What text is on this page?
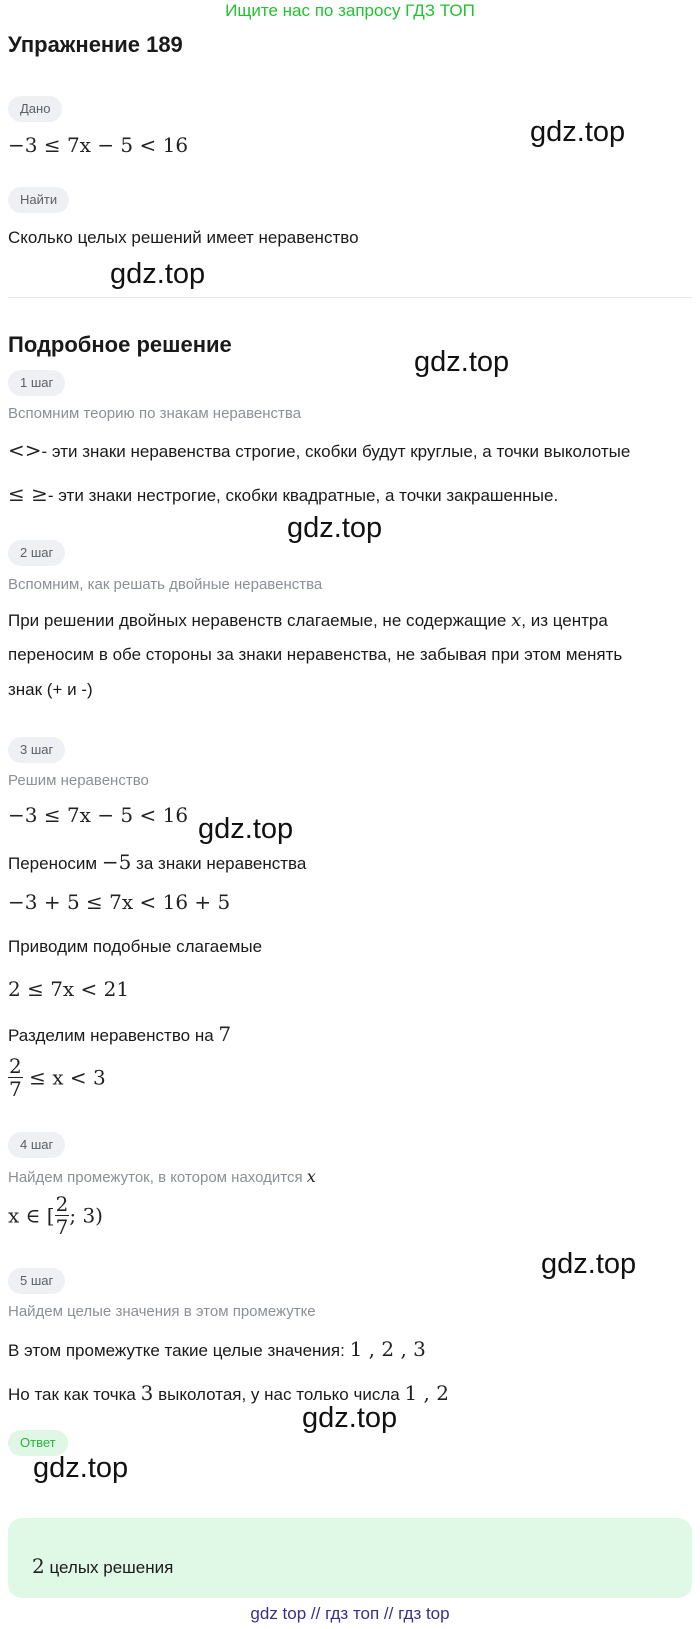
Ищите нас по запросу ГДЗ ТОП
Упражнение 189
Дано
−3 ≤ 7x − 5 < 16
Найти
Сколько целых решений имеет неравенство
Подробное решение
1 шаг
Вспомним теорию по знакам неравенства
<>- эти знаки неравенства строгие, скобки будут круглые, а точки выколотые
≤ ≥- эти знаки нестрогие, скобки квадратные, а точки закрашенные.
2 шаг
Вспомним, как решать двойные неравенства
При решении двойных неравенств слагаемые, не содержащие x, из центра
переносим в обе стороны за знаки неравенства, не забывая при этом менять
знак (+ и -)
3 шаг
Решим неравенство
−3 ≤ 7x − 5 < 16
Переносим −5 за знаки неравенства
−3 + 5 ≤ 7x < 16 + 5
Приводим подобные слагаемые
2 ≤ 7x < 21
Разделим неравенство на 7
$\frac{2}{7} \le x < 3$
4 шаг
Найдем промежуток, в котором находится x
x ∈ [ $\frac{2}{7}$ ; 3)
5 шаг
Найдем целые значения в этом промежутке
В этом промежутке такие целые значения: 1 , 2 , 3
Но так как точка 3 выколотая, у нас только числа 1 , 2
Ответ
2 целых решения
gdz.top
gdz.top
gdz.top
gdz.top
gdz.top
gdz.top
gdz.top
gdz.top
gdz top // гдз топ // гдз top
